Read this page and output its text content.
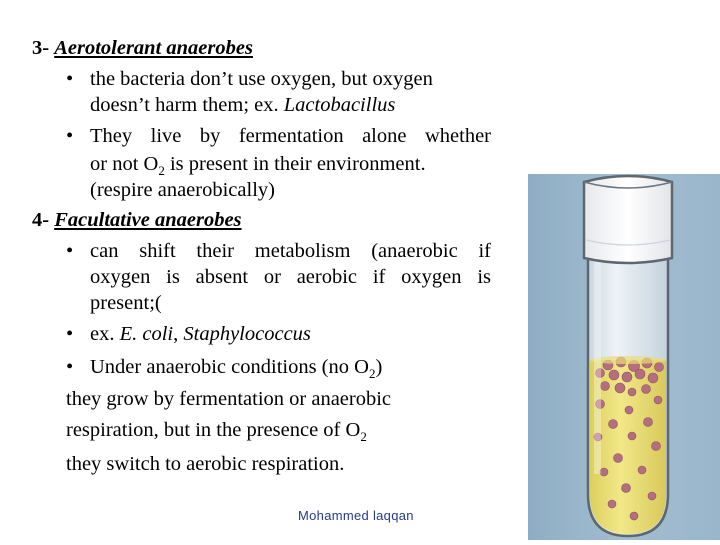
3- Aerotolerant anaerobes
• the bacteria don’t use oxygen, but oxygen
doesn’t harm them; ex. Lactobacillus
• They live by fermentation alone whether
or not $O_2$ is present in their environment.
(respire anaerobically)
4- Facultative anaerobes
• can shift their metabolism (anaerobic if
oxygen is absent or aerobic if oxygen is
present;(
• ex. E. coli, Staphylococcus
• Under anaerobic conditions (no $O_2$)
they grow by fermentation or anaerobic
respiration, but in the presence of $O_2$
they switch to aerobic respiration.
Mohammed laqqan
